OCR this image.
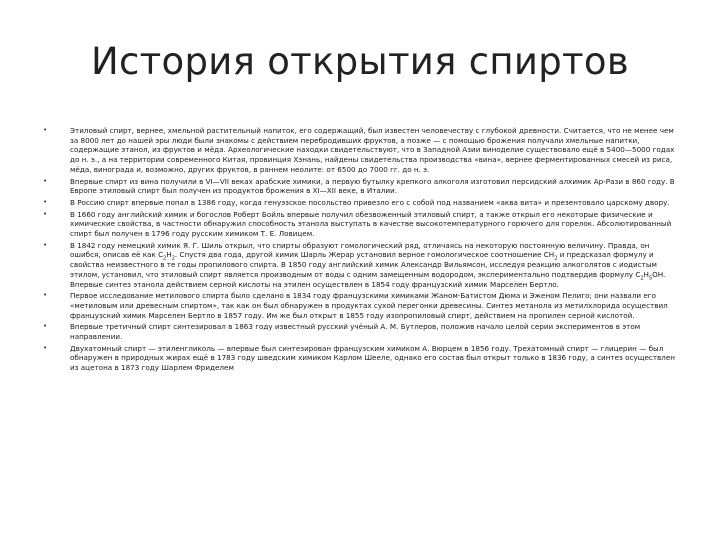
История открытия спиртов
•	Этиловый спирт, вернее, хмельной растительный напиток, его содержащий, был известен человечеству с глубокой древности. Считается, что не менее чем за 8000 лет до нашей эры люди были знакомы с действием перебродивших фруктов, а позже — с помощью брожения получали хмельные напитки, содержащие этанол, из фруктов и мёда. Археологические находки свидетельствуют, что в Западной Азии виноделие существовало ещё в 5400—5000 годах до н. э., а на территории современного Китая, провинция Хэнань, найдены свидетельства производства «вина», вернее ферментированных смесей из риса, мёда, винограда и, возможно, других фруктов, в раннем неолите: от 6500 до 7000 гг. до н. э.
•	Впервые спирт из вина получили в VI—VII веках арабские химики, а первую бутылку крепкого алкоголя изготовил персидский алхимик Ар-Рази в 860 году. В Европе этиловый спирт был получен из продуктов брожения в XI—XII веке, в Италии.
•	В Россию спирт впервые попал в 1386 году, когда генуэзское посольство привезло его с собой под названием «аква вита» и презентовало царскому двору.
•	В 1660 году английский химик и богослов Роберт Бойль впервые получил обезвоженный этиловый спирт, а также открыл его некоторые физические и химические свойства, в частности обнаружил способность этанола выступать в качестве высокотемпературного горючего для горелок. Абсолютированный спирт был получен в 1796 году русским химиком Т. Е. Ловицем.
•	В 1842 году немецкий химик Я. Г. Шиль открыл, что спирты образуют гомологический ряд, отличаясь на некоторую постоянную величину. Правда, он ошибся, описав её как $C_2H_2$. Спустя два года, другой химик Шарль Жерар установил верное гомологическое соотношение $CH_2$ и предсказал формулу и свойства неизвестного в те годы пропилового спирта. В 1850 году английский химик Александр Вильямсон, исследуя реакцию алкоголятов с иодистым этилом, установил, что этиловый спирт является производным от воды с одним замещенным водородом, экспериментально подтвердив формулу $C_2H_5OH$. Впервые синтез этанола действием серной кислоты на этилен осуществлен в 1854 году французский химик Марселен Бертло.
•	Первое исследование метилового спирта было сделано в 1834 году французскими химиками Жаном-Батистом Дюма и Эженом Пелиго; они назвали его «метиловым или древесным спиртом», так как он был обнаружен в продуктах сухой перегонки древесины. Синтез метанола из метилхлорида осуществил французский химик Марселен Бертло в 1857 году. Им же был открыт в 1855 году изопропиловый спирт, действием на пропилен серной кислотой.
•	Впервые третичный спирт синтезировал в 1863 году известный русский учёный А. М. Бутлеров, положив начало целой серии экспериментов в этом направлении.
•	Двухатомный спирт — этиленгликоль — впервые был синтезирован французским химиком А. Вюрцем в 1856 году. Трехатомный спирт — глицерин — был обнаружен в природных жирах ещё в 1783 году шведским химиком Карлом Шееле, однако его состав был открыт только в 1836 году, а синтез осуществлен из ацетона в 1873 году Шарлем Фриделем
